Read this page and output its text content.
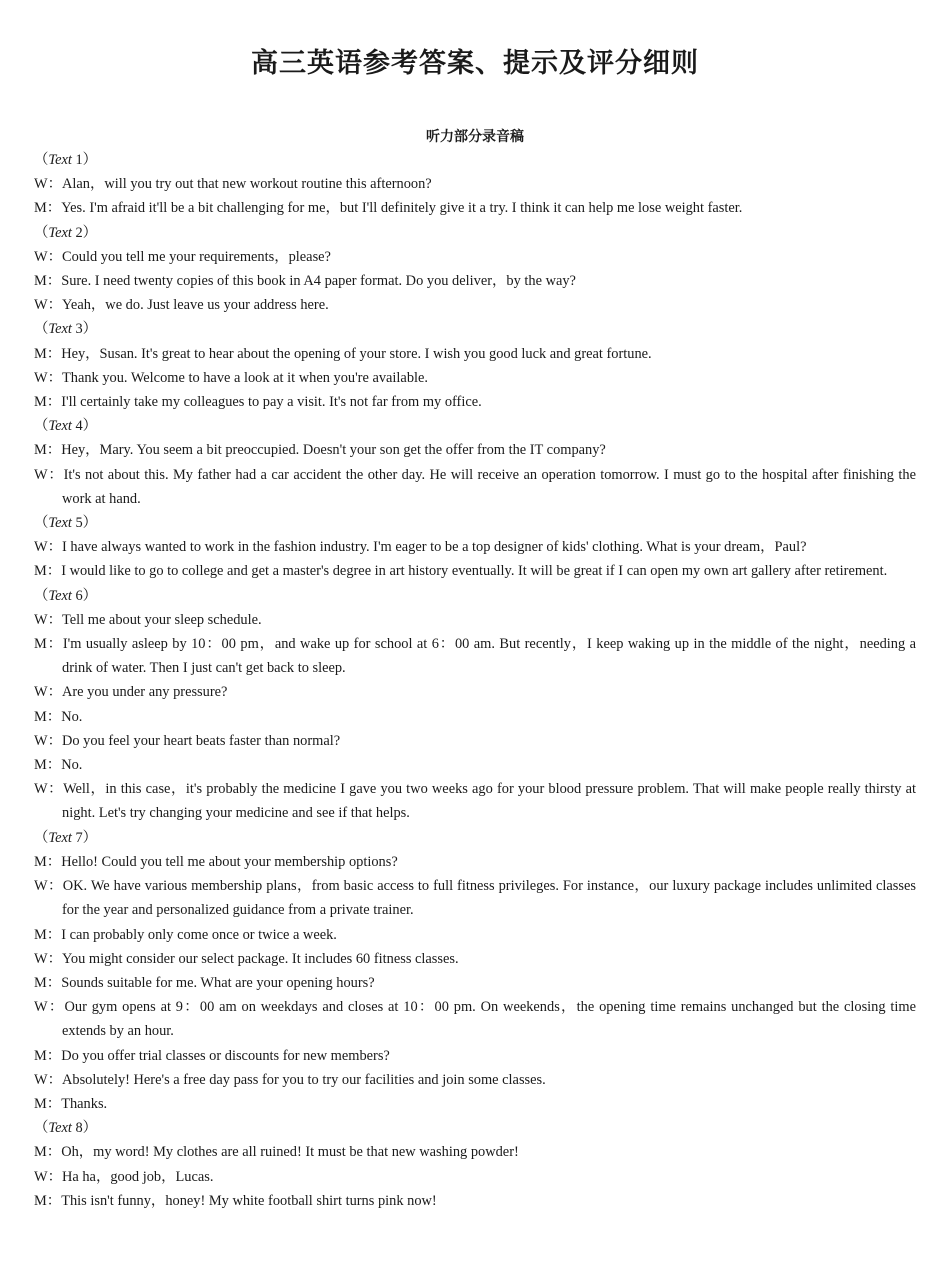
高三英语参考答案、提示及评分细则
听力部分录音稿
（Text 1）
W：Alan，will you try out that new workout routine this afternoon?
M：Yes. I'm afraid it'll be a bit challenging for me，but I'll definitely give it a try. I think it can help me lose weight faster.
（Text 2）
W：Could you tell me your requirements，please?
M：Sure. I need twenty copies of this book in A4 paper format. Do you deliver，by the way?
W：Yeah，we do. Just leave us your address here.
（Text 3）
M：Hey，Susan. It's great to hear about the opening of your store. I wish you good luck and great fortune.
W：Thank you. Welcome to have a look at it when you're available.
M：I'll certainly take my colleagues to pay a visit. It's not far from my office.
（Text 4）
M：Hey，Mary. You seem a bit preoccupied. Doesn't your son get the offer from the IT company?
W：It's not about this. My father had a car accident the other day. He will receive an operation tomorrow. I must go to the hospital after finishing the work at hand.
（Text 5）
W：I have always wanted to work in the fashion industry. I'm eager to be a top designer of kids' clothing. What is your dream，Paul?
M：I would like to go to college and get a master's degree in art history eventually. It will be great if I can open my own art gallery after retirement.
（Text 6）
W：Tell me about your sleep schedule.
M：I'm usually asleep by 10：00 pm，and wake up for school at 6：00 am. But recently，I keep waking up in the middle of the night，needing a drink of water. Then I just can't get back to sleep.
W：Are you under any pressure?
M：No.
W：Do you feel your heart beats faster than normal?
M：No.
W：Well，in this case，it's probably the medicine I gave you two weeks ago for your blood pressure problem. That will make people really thirsty at night. Let's try changing your medicine and see if that helps.
（Text 7）
M：Hello! Could you tell me about your membership options?
W：OK. We have various membership plans，from basic access to full fitness privileges. For instance，our luxury package includes unlimited classes for the year and personalized guidance from a private trainer.
M：I can probably only come once or twice a week.
W：You might consider our select package. It includes 60 fitness classes.
M：Sounds suitable for me. What are your opening hours?
W：Our gym opens at 9：00 am on weekdays and closes at 10：00 pm. On weekends，the opening time remains unchanged but the closing time extends by an hour.
M：Do you offer trial classes or discounts for new members?
W：Absolutely! Here's a free day pass for you to try our facilities and join some classes.
M：Thanks.
（Text 8）
M：Oh，my word! My clothes are all ruined! It must be that new washing powder!
W：Ha ha，good job，Lucas.
M：This isn't funny，honey! My white football shirt turns pink now!
